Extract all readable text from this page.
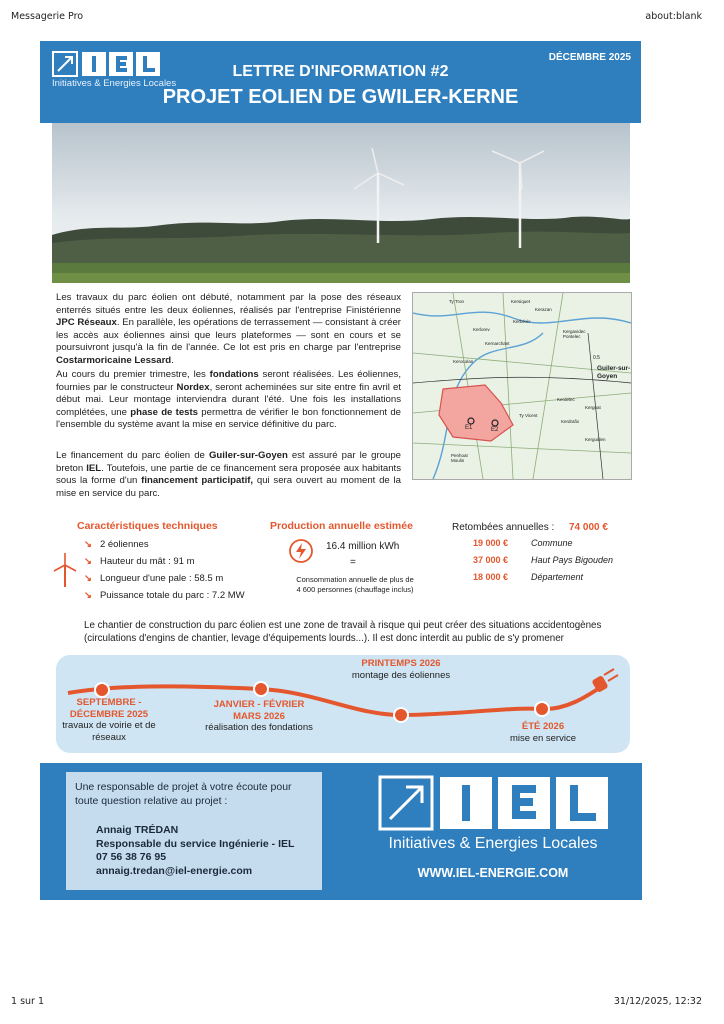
Messagerie Pro	about:blank
1 sur 1	31/12/2025, 12:32
Initiatives & Energies Locales
DÉCEMBRE 2025
LETTRE D'INFORMATION #2
PROJET EOLIEN DE GWILER-KERNE
Les travaux du parc éolien ont débuté, notamment par la pose des réseaux enterrés situés entre les deux éoliennes, réalisés par l'entreprise Finistérienne JPC Réseaux. En parallèle, les opérations de terrassement — consistant à créer les accès aux éoliennes ainsi que leurs plateformes — sont en cours et se poursuivront jusqu'à la fin de l'année. Ce lot est pris en charge par l'entreprise Costarmoricaine Lessard.
Au cours du premier trimestre, les fondations seront réalisées. Les éoliennes, fournies par le constructeur Nordex, seront acheminées sur site entre fin avril et début mai. Leur montage interviendra durant l'été. Une fois les installations complétées, une phase de tests permettra de vérifier le bon fonctionnement de l'ensemble du système avant la mise en service définitive du parc.
Le financement du parc éolien de Guiler-sur-Goyen est assuré par le groupe breton IEL. Toutefois, une partie de ce financement sera proposée aux habitants sous la forme d'un financement participatif, qui sera ouvert au moment de la mise en service du parc.
E1	E2
0.5
Guiler-sur-Goyen
Ty Tron
Kerlorev
Kerazan
Kersiquet
Kerbévic
Kernarchant
Kergavidec Pontelec
Kerocolan
Ty Vicent
Kerdelec
Kerdrafix
Penhoat Moulin
Kergoat
Kerguiden
Caractéristiques techniques
↘ 2 éoliennes
↘ Hauteur du mât : 91 m
↘ Longueur d'une pale : 58.5 m
↘ Puissance totale du parc : 7.2 MW
Production annuelle estimée
16.4 million kWh
=
Consommation annuelle de plus de
4 600 personnes (chauffage inclus)
Retombées annuelles : 74 000 €
19 000 €	Commune
37 000 €	Haut Pays Bigouden
18 000 €	Département
Le chantier de construction du parc éolien est une zone de travail à risque qui peut créer des situations accidentogènes (circulations d'engins de chantier, levage d'équipements lourds...). Il est donc interdit au public de s'y promener
SEPTEMBRE - DÉCEMBRE 2025
travaux de voirie et de réseaux
JANVIER - FÉVRIER MARS 2026
réalisation des fondations
PRINTEMPS 2026
montage des éoliennes
ÉTÉ 2026
mise en service
Une responsable de projet à votre écoute pour
toute question relative au projet :
Annaig TRÉDAN
Responsable du service Ingénierie - IEL
07 56 38 76 95
annaig.tredan@iel-energie.com
Initiatives & Energies Locales
WWW.IEL-ENERGIE.COM
